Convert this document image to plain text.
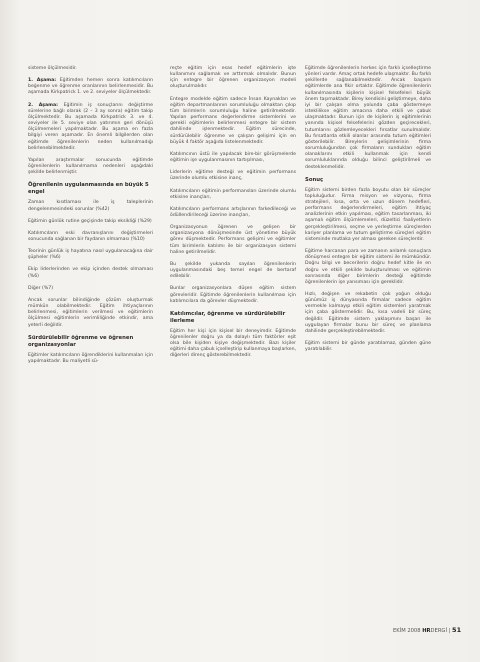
sisteme ölçülmesidir.

1. Aşama: Eğitimden hemen sonra katılımcıların beğenme ve öğrenme oranlarının belirlenmesidir. Bu aşamada Kirkpatrick 1. ve 2. seviyeler ölçülmektedir.

2. Aşama: Eğitimin iş sonuçlarını değiştirme sürelerine bağlı olarak (2 – 3 ay sonra) eğitim takip ölçülmektedir. Bu aşamada Kirkpatrick 3. ve 4. seviyeler ile 5. seviye olan yatırımın geri dönüşü ölçülmemeleri yapılmaktadır. Bu aşama en fazla bilgiyi veren aşamadır. En önemli bilgilerden olan eğitimde öğrenilenlerin neden kullanılmadığı belirlenebilmektedir.

Yapılan araştırmalar sonucunda eğitimde öğrenilenlerin kullanılmama nedenleri aşağıdaki şekilde belirlenmiştir.

Öğrenilenin uygulanmasında en büyük 5 engel

Zaman kısıtlaması ile iş taleplerinin dengelenmesindeki sorunlar (%42)

Eğitimin günlük rutine geçişinde takip eksikliği (%29)

Katılımcıların eski davranışlarını değiştirmeleri sonucunda sağlanan bir faydanın olmaması (%10)

Teorinin günlük iş hayatına nasıl uygulanacağına dair şüpheler (%6)

Ekip liderlerinden ve ekip içinden destek olmaması (%6)

Diğer (%7)

Ancak sorunlar bilindiğinde çözüm oluşturmak mümkün olabilmektedir. Eğitim ihtiyaçlarının belirlenmesi, eğitimlerin verilmesi ve eğitimlerin ölçülmesi eğitimlerin verimliliğinde etkindir, ama yeterli değildir.

Sürdürülebilir öğrenme ve öğrenen organizasyonlar

Eğitimler katılımcıların öğrendiklerini kullanmaları için yapılmaktadır. Bu maliyetli sü-

reçte eğitim için esas hedef eğitimlerin işte kullanımını sağlamak ve arttırmak olmalıdır. Bunun için entegre bir öğrenen organizasyon modeli oluşturulmalıdır.

Entegre modelde eğitim sadece İnsan Kaynakları ve eğitim departmanlarının sorumluluğu olmaktan çıkıp tüm birimlerin sorumluluğu haline getirilmektedir. Yapılan performans değerlendirme sistemlerini ve gerekli eğitimlerin belirlenmesi entegre bir sistem dahilinde işlenmektedir. Eğitim sürecinde, sürdürülebilir öğrenme ve çalışan gelişimi için en büyük 4 faktör aşağıda listelenmektedir.

Katılımcının üstü ile yapılacak bire-bir görüşmelerde eğitimin işe uygulanmasının tartışılması,

Liderlerin eğitime desteği ve eğitimin performans üzerinde olumlu etkisine inanç,

Katılımcıların eğitimin performansları üzerinde olumlu etkisine inançları,

Katılımcıların performans artışlarının farkedileceği ve ödüllendirileceği üzerine inançları,

Organizasyonun öğrenen ve gelişen bir organizasyona dönüşmesinde üst yönetime büyük görev düşmektedir. Performans gelişimi ve eğitimler tüm birimlerin katılımı ile bir organizasyon sistemi haline getirilmelidir.

Bu şekilde yukarıda sayılan öğrenilenlerin uygulanmasındaki beş temel engel de bertaraf edilebilir.

Bunlar organizasyonlara düşen eğitim sistem görevleridir. Eğitimde öğrenilenlerin kullanılması için katılımcılara da görevler düşmektedir.

Katılımcılar, öğrenme ve sürdürülebilir ilerleme

Eğitim her kişi için kişisel bir deneyimdir. Eğitimde öğrenilenler doğru ya da dolaylı tüm faktörler eşit olsa bile kişiden kişiye değişmektedir. Bazı kişiler eğitimi daha çabuk içselleştirip kullanmaya başlarken, diğerleri direnç gösterebilmektedir.

Eğitimde öğrenilenlerin herkes için farklı içselleştirme yönleri vardır. Amaç ortak hedefe ulaşmaktır. Bu farklı şekillerde sağlanabilmektedir. Ancak başarılı eğitimlerde ana fikir ortaktır. Eğitimde öğrenilenlerin kullanılmasında kişilerin kişisel felsefeleri büyük önem taşımaktadır. Birey kendisini geliştirmeye, daha iyi bir çalışan olma yolunda çaba göstermeye isteklilikse eğitim amacına daha etkili ve çabuk ulaşmaktadır. Bunun için de kişilerin iş eğitimlerinin yanında kişisel felsefelerini gözden geçirecekleri, tutumlarını gözlemleyecekleri fırsatlar sunulmalıdır. Bu fırsatlarda etkili olanlar arasında tutum eğitimleri gösterilebilir. Bireylerin gelişimlerinin firma sorumluluğundan çok firmaların sundukları eğitim olanaklarını etkili kullanmak için kendi sorumluluklarında olduğu bilinci geliştirilmeli ve desteklenmelidir.

Sonuç

Eğitim sistemi birden fazla boyutu olan bir süreçler topluluğudur. Firma misyon ve vizyonu, firma stratejileri, kısa, orta ve uzun dönem hedefleri, performans değerlendirmeleri, eğitim ihtiyaç analizlerinin etkin yapılması, eğitim tasarlanması, iki aşamalı eğitim ölçümlemeleri, düzeltici faaliyetlerin gerçekleştirilmesi, seçme ve yerleştirme süreçlerden kariyer planlama ve tutum geliştirme süreçleri eğitim sisteminde mutlaka yer alması gereken süreçlerdir.

Eğitime harcanan para ve zamanın anlamlı sonuçlara dönüşmesi entegre bir eğitim sistemi ile mümkündür. Doğru bilgi ve becerilerin doğru hedef kitle ile en doğru ve etkili şekilde buluşturulması ve eğitimin sonrasında diğer birimlerin desteği eğitimde öğrenilenlerin işe yansıması için gereklidir.

Hızlı, değişen ve rekabetin çok yoğun olduğu günümüz iş dünyasında firmalar sadece eğitim vermekle kalmayıp etkili eğitim sistemleri yaratmak için çaba göstermelidir. Bu, kısa vadeli bir süreç değildir. Eğitimde sistem yaklaşımını başarı ile uygulayan firmalar bunu bir süreç ve planlama dahilinde gerçekleştirebilmektedir.

Eğitim sistemi bir günde yaratılamaz, günden güne yaratılabilir.

EKİM 2008 HRDERGİ | 51
